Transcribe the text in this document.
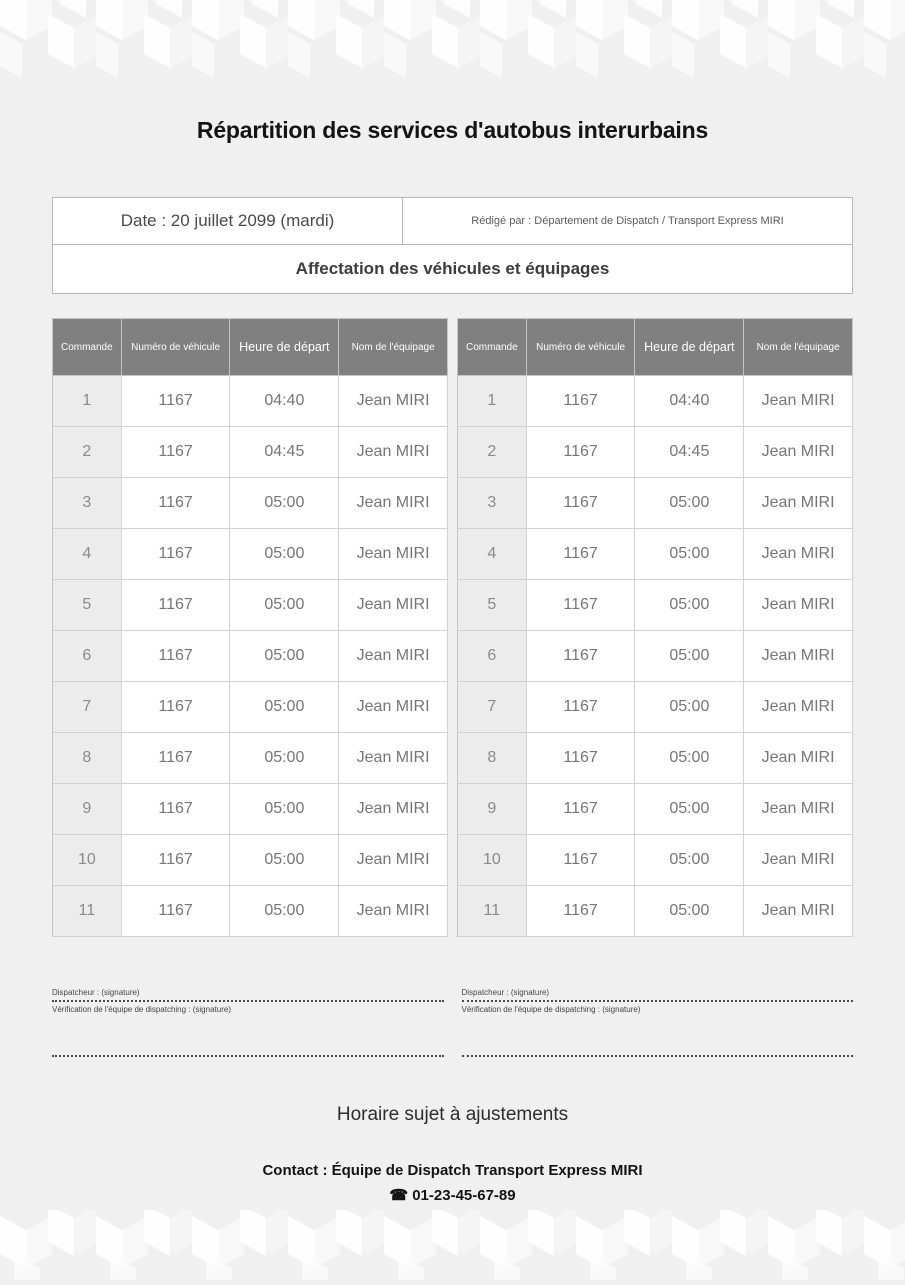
Répartition des services d'autobus interurbains
Date : 20 juillet 2099 (mardi)	Rédigé par : Département de Dispatch / Transport Express MIRI
Affectation des véhicules et équipages
Commande	Numéro de véhicule	Heure de départ	Nom de l'équipage
1	1167	04:40	Jean MIRI
2	1167	04:45	Jean MIRI
3	1167	05:00	Jean MIRI
4	1167	05:00	Jean MIRI
5	1167	05:00	Jean MIRI
6	1167	05:00	Jean MIRI
7	1167	05:00	Jean MIRI
8	1167	05:00	Jean MIRI
9	1167	05:00	Jean MIRI
10	1167	05:00	Jean MIRI
11	1167	05:00	Jean MIRI
Commande	Numéro de véhicule	Heure de départ	Nom de l'équipage
1	1167	04:40	Jean MIRI
2	1167	04:45	Jean MIRI
3	1167	05:00	Jean MIRI
4	1167	05:00	Jean MIRI
5	1167	05:00	Jean MIRI
6	1167	05:00	Jean MIRI
7	1167	05:00	Jean MIRI
8	1167	05:00	Jean MIRI
9	1167	05:00	Jean MIRI
10	1167	05:00	Jean MIRI
11	1167	05:00	Jean MIRI
Dispatcheur : (signature)
Vérification de l'équipe de dispatching : (signature)
Dispatcheur : (signature)
Vérification de l'équipe de dispatching : (signature)
Horaire sujet à ajustements
Contact : Équipe de Dispatch Transport Express MIRI
☎ 01-23-45-67-89
